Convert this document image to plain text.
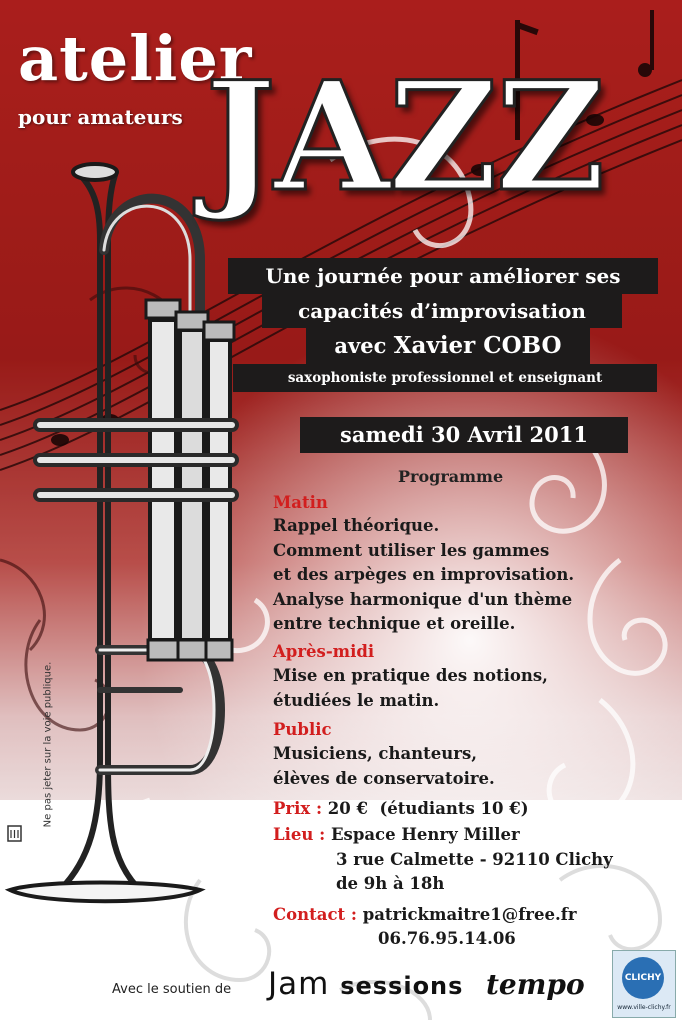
atelier
pour amateurs JAZZ
Une journée pour améliorer ses
capacités d’improvisation
avec Xavier COBO
saxophoniste professionnel et enseignant
samedi 30 Avril 2011
Programme
Matin
Rappel théorique.
Comment utiliser les gammes
et des arpèges en improvisation.
Analyse harmonique d'un thème
entre technique et oreille.
Après-midi
Mise en pratique des notions,
étudiées le matin.
Public
Musiciens, chanteurs,
élèves de conservatoire.
Prix : 20 €  (étudiants 10 €)
Lieu : Espace Henry Miller
3 rue Calmette - 92110 Clichy
de 9h à 18h
Contact : patrickmaitre1@free.fr
06.76.95.14.06
Ne pas jeter sur la voie publique.
Avec le soutien de Jam sessions tempo	CLICHY
www.ville-clichy.fr
